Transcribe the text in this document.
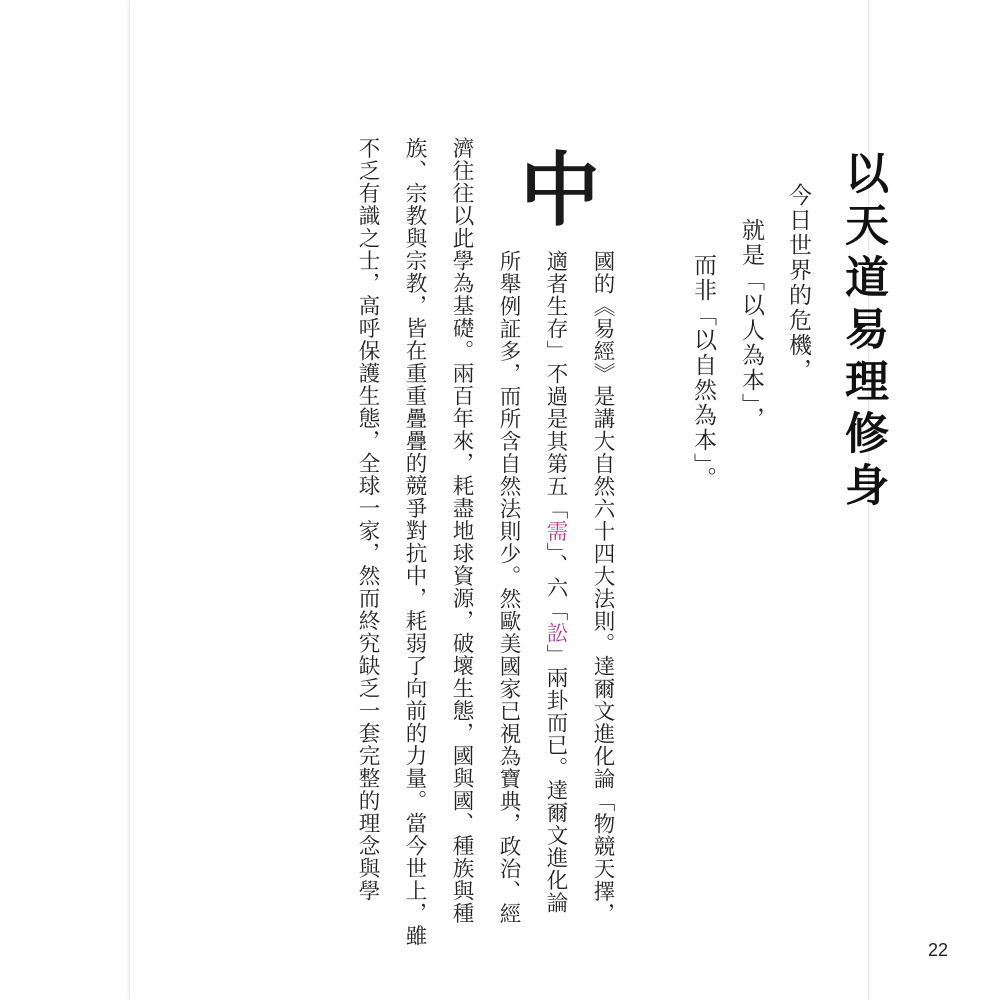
以天道易理修身
今日世界的危機，
就是「以人為本」，
而非「以自然為本」。
中
國的《易經》是講大自然六十四大法則。達爾文進化論「物競天擇，
適者生存」不過是其第五「需」、六「訟」兩卦而已。達爾文進化論
所舉例証多，而所含自然法則少。然歐美國家已視為寶典，政治、經
濟往往以此學為基礎。兩百年來，耗盡地球資源，破壞生態，國與國、種族與種
族、宗教與宗教，皆在重重疊疊的競爭對抗中，耗弱了向前的力量。當今世上，雖
不乏有識之士，高呼保護生態，全球一家，然而終究缺乏一套完整的理念與學
22
